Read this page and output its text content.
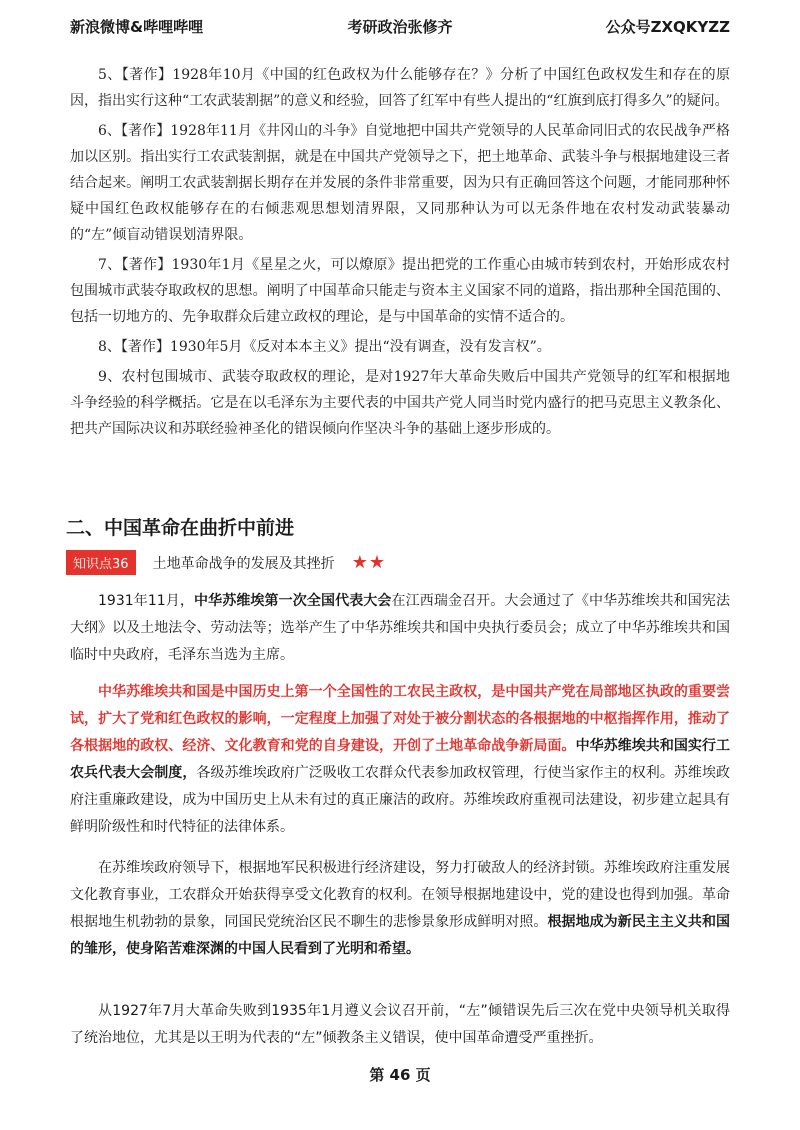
新浪微博&哔哩哔哩	考研政治张修齐	公众号ZXQKYZZ

5、【著作】1928年10月《中国的红色政权为什么能够存在？》分析了中国红色政权发生和存在的原因，指出实行这种“工农武装割据”的意义和经验，回答了红军中有些人提出的“红旗到底打得多久”的疑问。

6、【著作】1928年11月《井冈山的斗争》自觉地把中国共产党领导的人民革命同旧式的农民战争严格加以区别。指出实行工农武装割据，就是在中国共产党领导之下，把土地革命、武装斗争与根据地建设三者结合起来。阐明工农武装割据长期存在并发展的条件非常重要，因为只有正确回答这个问题，才能同那种怀疑中国红色政权能够存在的右倾悲观思想划清界限，又同那种认为可以无条件地在农村发动武装暴动的“左”倾盲动错误划清界限。

7、【著作】1930年1月《星星之火，可以燎原》提出把党的工作重心由城市转到农村，开始形成农村包围城市武装夺取政权的思想。阐明了中国革命只能走与资本主义国家不同的道路，指出那种全国范围的、包括一切地方的、先争取群众后建立政权的理论，是与中国革命的实情不适合的。

8、【著作】1930年5月《反对本本主义》提出“没有调查，没有发言权”。

9、农村包围城市、武装夺取政权的理论，是对1927年大革命失败后中国共产党领导的红军和根据地斗争经验的科学概括。它是在以毛泽东为主要代表的中国共产党人同当时党内盛行的把马克思主义教条化、把共产国际决议和苏联经验神圣化的错误倾向作坚决斗争的基础上逐步形成的。

二、中国革命在曲折中前进
知识点36 土地革命战争的发展及其挫折 ★★

1931年11月，中华苏维埃第一次全国代表大会在江西瑞金召开。大会通过了《中华苏维埃共和国宪法大纲》以及土地法令、劳动法等；选举产生了中华苏维埃共和国中央执行委员会；成立了中华苏维埃共和国临时中央政府，毛泽东当选为主席。

中华苏维埃共和国是中国历史上第一个全国性的工农民主政权，是中国共产党在局部地区执政的重要尝试，扩大了党和红色政权的影响，一定程度上加强了对处于被分割状态的各根据地的中枢指挥作用，推动了各根据地的政权、经济、文化教育和党的自身建设，开创了土地革命战争新局面。中华苏维埃共和国实行工农兵代表大会制度，各级苏维埃政府广泛吸收工农群众代表参加政权管理，行使当家作主的权利。苏维埃政府注重廉政建设，成为中国历史上从未有过的真正廉洁的政府。苏维埃政府重视司法建设，初步建立起具有鲜明阶级性和时代特征的法律体系。

在苏维埃政府领导下，根据地军民积极进行经济建设，努力打破敌人的经济封锁。苏维埃政府注重发展文化教育事业，工农群众开始获得享受文化教育的权利。在领导根据地建设中，党的建设也得到加强。革命根据地生机勃勃的景象，同国民党统治区民不聊生的悲惨景象形成鲜明对照。根据地成为新民主主义共和国的雏形，使身陷苦难深渊的中国人民看到了光明和希望。

从1927年7月大革命失败到1935年1月遵义会议召开前，“左”倾错误先后三次在党中央领导机关取得了统治地位，尤其是以王明为代表的“左”倾教条主义错误，使中国革命遭受严重挫折。

第 46 页
